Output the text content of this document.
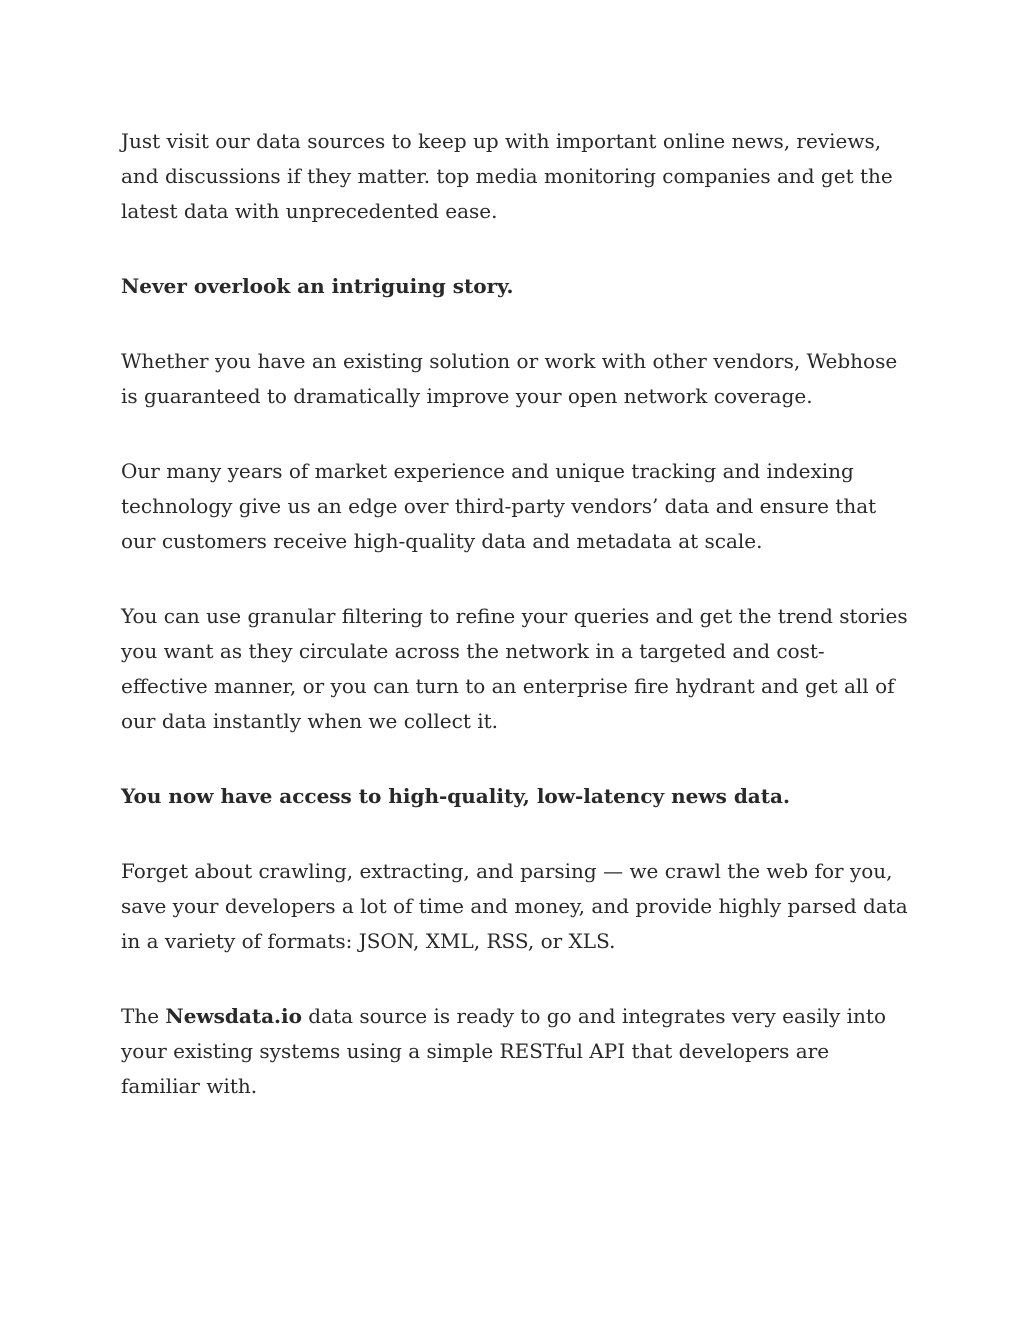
Just visit our data sources to keep up with important online news, reviews, and discussions if they matter. top media monitoring companies and get the latest data with unprecedented ease.

Never overlook an intriguing story.

Whether you have an existing solution or work with other vendors, Webhose is guaranteed to dramatically improve your open network coverage.

Our many years of market experience and unique tracking and indexing technology give us an edge over third-party vendors’ data and ensure that our customers receive high-quality data and metadata at scale.

You can use granular filtering to refine your queries and get the trend stories you want as they circulate across the network in a targeted and cost-effective manner, or you can turn to an enterprise fire hydrant and get all of our data instantly when we collect it.

You now have access to high-quality, low-latency news data.

Forget about crawling, extracting, and parsing — we crawl the web for you, save your developers a lot of time and money, and provide highly parsed data in a variety of formats: JSON, XML, RSS, or XLS.

The Newsdata.io data source is ready to go and integrates very easily into your existing systems using a simple RESTful API that developers are familiar with.
